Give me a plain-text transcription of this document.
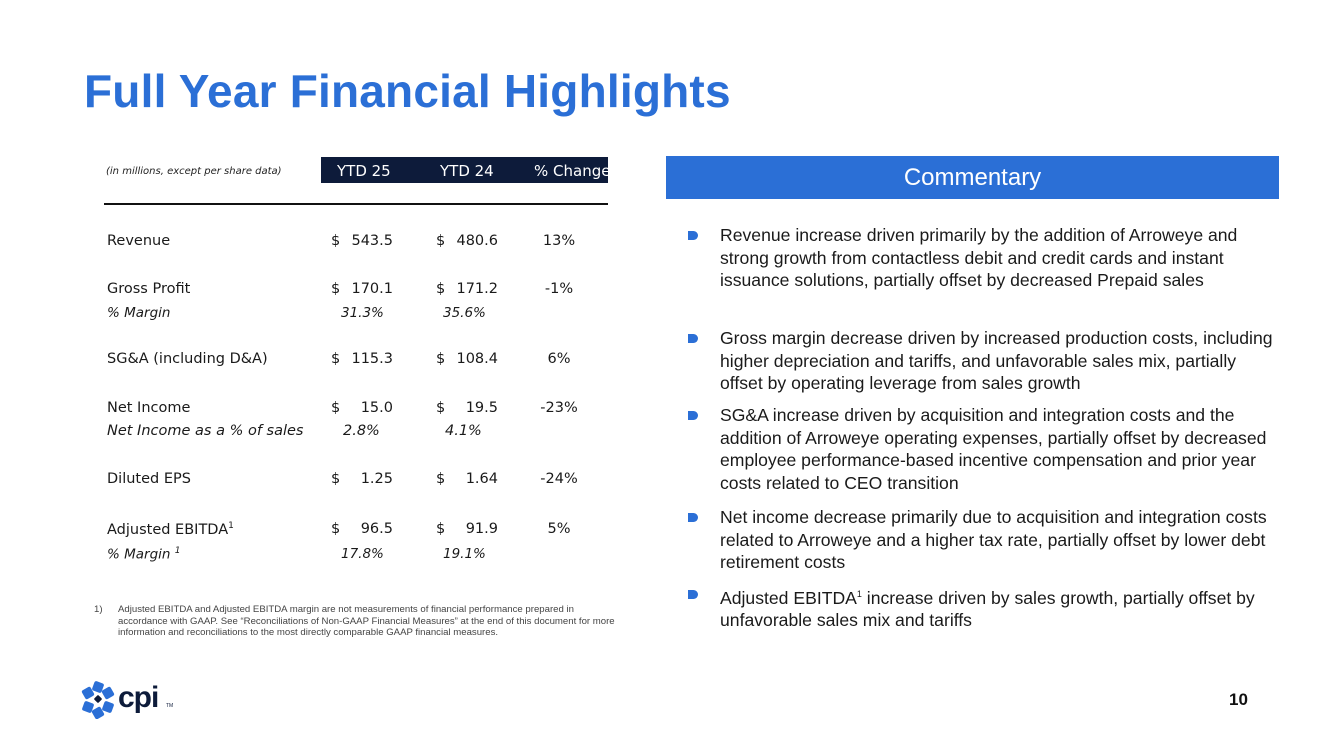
Full Year Financial Highlights
(in millions, except per share data)	YTD 25	YTD 24	% Change
Revenue	$ 543.5	$ 480.6	13%
Gross Profit	$ 170.1	$ 171.2	-1%
% Margin	31.3%	35.6%
SG&A (including D&A)	$ 115.3	$ 108.4	6%
Net Income	$ 15.0	$ 19.5	-23%
Net Income as a % of sales	2.8%	4.1%
Diluted EPS	$ 1.25	$ 1.64	-24%
Adjusted EBITDA$^1$	$ 96.5	$ 91.9	5%
% Margin $^1$	17.8%	19.1%
1) Adjusted EBITDA and Adjusted EBITDA margin are not measurements of financial performance prepared in accordance with GAAP. See “Reconciliations of Non-GAAP Financial Measures” at the end of this document for more information and reconciliations to the most directly comparable GAAP financial measures.
Commentary
Revenue increase driven primarily by the addition of Arroweye and strong growth from contactless debit and credit cards and instant issuance solutions, partially offset by decreased Prepaid sales
Gross margin decrease driven by increased production costs, including higher depreciation and tariffs, and unfavorable sales mix, partially offset by operating leverage from sales growth
SG&A increase driven by acquisition and integration costs and the addition of Arroweye operating expenses, partially offset by decreased employee performance-based incentive compensation and prior year costs related to CEO transition
Net income decrease primarily due to acquisition and integration costs related to Arroweye and a higher tax rate, partially offset by lower debt retirement costs
Adjusted EBITDA$^1$ increase driven by sales growth, partially offset by unfavorable sales mix and tariffs
cpi TM	10
